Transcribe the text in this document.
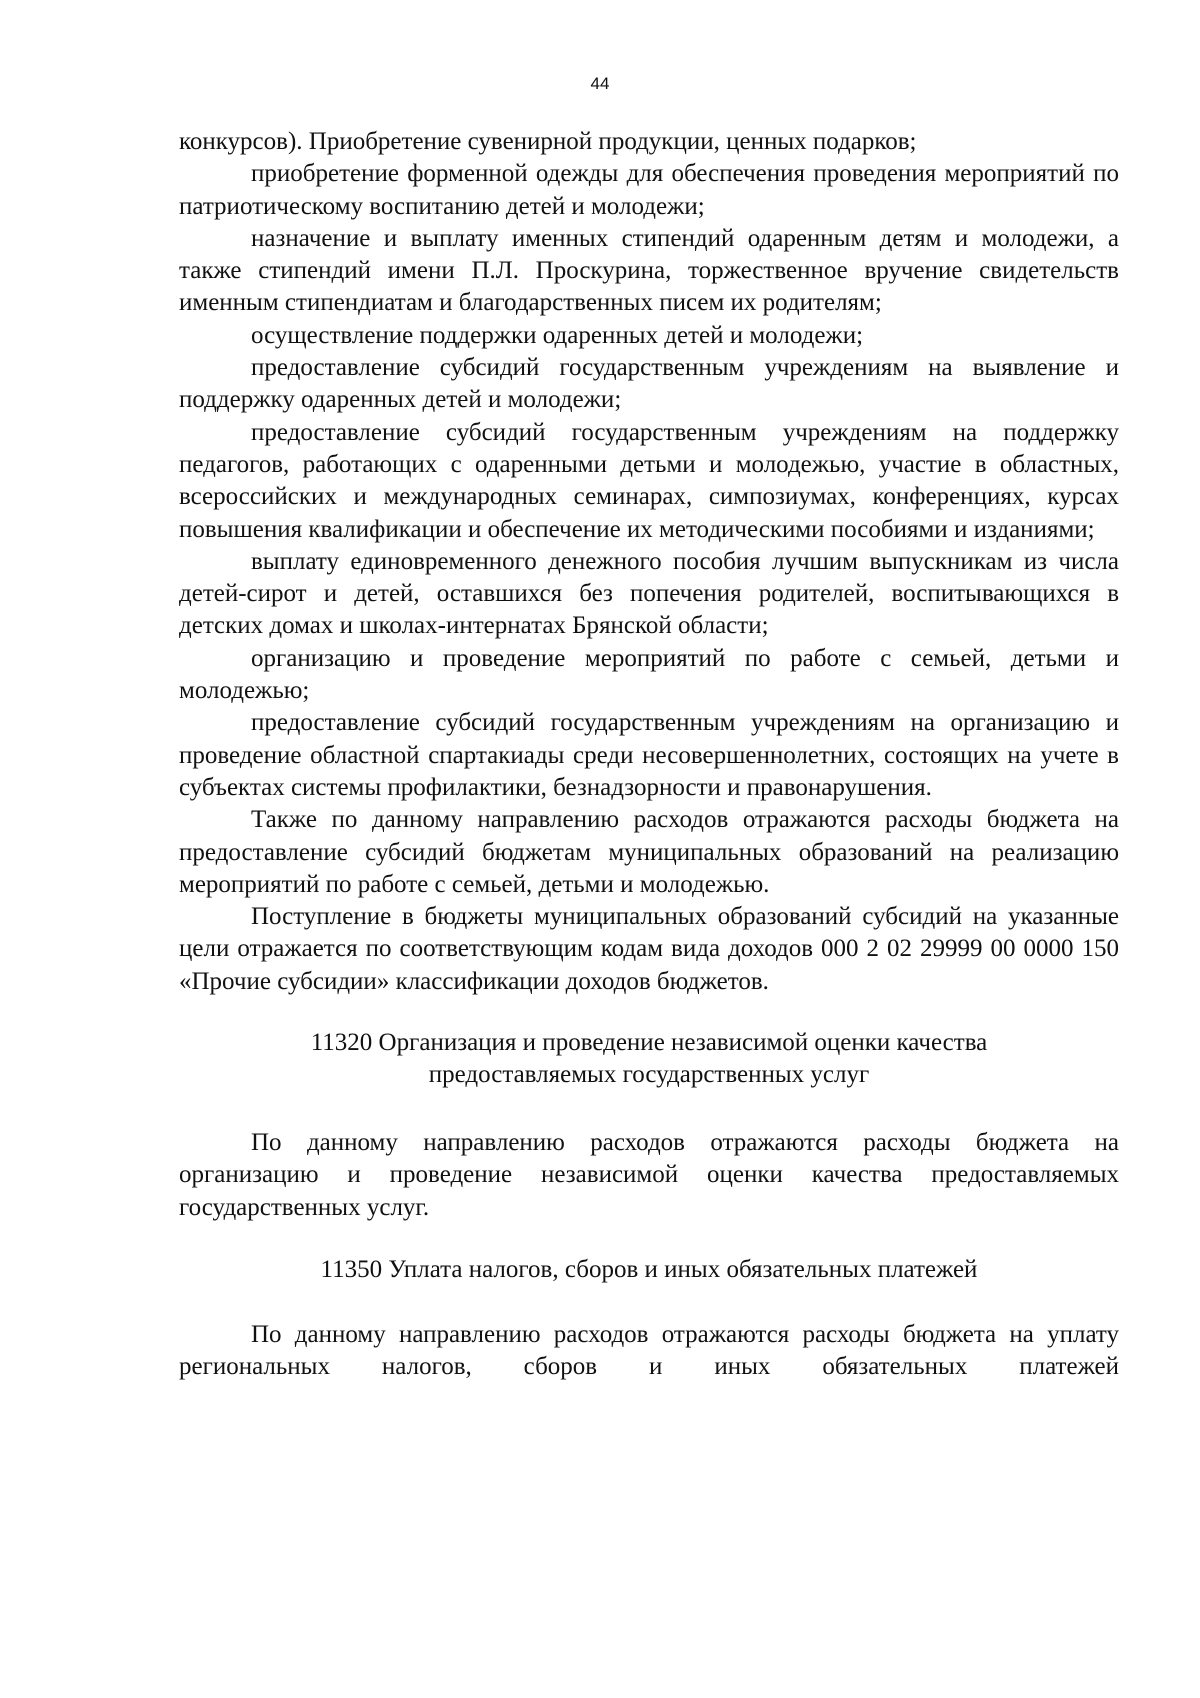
44

конкурсов). Приобретение сувенирной продукции, ценных подарков;

приобретение форменной одежды для обеспечения проведения мероприятий по патриотическому воспитанию детей и молодежи;

назначение и выплату именных стипендий одаренным детям и молодежи, а также стипендий имени П.Л. Проскурина, торжественное вручение свидетельств именным стипендиатам и благодарственных писем их родителям;

осуществление поддержки одаренных детей и молодежи;

предоставление субсидий государственным учреждениям на выявление и поддержку одаренных детей и молодежи;

предоставление субсидий государственным учреждениям на поддержку педагогов, работающих с одаренными детьми и молодежью, участие в областных, всероссийских и международных семинарах, симпозиумах, конференциях, курсах повышения квалификации и обеспечение их методическими пособиями и изданиями;

выплату единовременного денежного пособия лучшим выпускникам из числа детей-сирот и детей, оставшихся без попечения родителей, воспитывающихся в детских домах и школах-интернатах Брянской области;

организацию и проведение мероприятий по работе с семьей, детьми и молодежью;

предоставление субсидий государственным учреждениям на организацию и проведение областной спартакиады среди несовершеннолетних, состоящих на учете в субъектах системы профилактики, безнадзорности и правонарушения.

Также по данному направлению расходов отражаются расходы бюджета на предоставление субсидий бюджетам муниципальных образований на реализацию мероприятий по работе с семьей, детьми и молодежью.

Поступление в бюджеты муниципальных образований субсидий на указанные цели отражается по соответствующим кодам вида доходов 000 2 02 29999 00 0000 150 «Прочие субсидии» классификации доходов бюджетов.

11320 Организация и проведение независимой оценки качества

предоставляемых государственных услуг

По данному направлению расходов отражаются расходы бюджета на организацию и проведение независимой оценки качества предоставляемых государственных услуг.

11350 Уплата налогов, сборов и иных обязательных платежей

По данному направлению расходов отражаются расходы бюджета на уплату региональных налогов, сборов и иных обязательных платежей
